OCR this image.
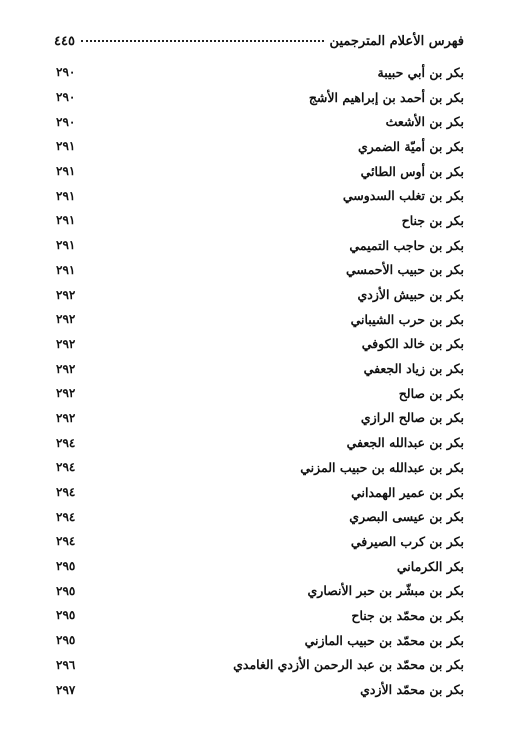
فهرس الأعلام المترجمين
٤٤٥
بكر بن أبي حبيبة
٢٩٠
بكر بن أحمد بن إبراهيم الأشج
٢٩٠
بكر بن الأشعث
٢٩٠
بكر بن أميّة الضمري
٢٩١
بكر بن أوس الطائي
٢٩١
بكر بن تغلب السدوسي
٢٩١
بكر بن جناح
٢٩١
بكر بن حاجب التميمي
٢٩١
بكر بن حبيب الأحمسي
٢٩١
بكر بن حبيش الأزدي
٢٩٢
بكر بن حرب الشيباني
٢٩٢
بكر بن خالد الكوفي
٢٩٢
بكر بن زياد الجعفي
٢٩٢
بكر بن صالح
٢٩٢
بكر بن صالح الرازي
٢٩٢
بكر بن عبدالله الجعفي
٢٩٤
بكر بن عبدالله بن حبيب المزني
٢٩٤
بكر بن عمير الهمداني
٢٩٤
بكر بن عيسى البصري
٢٩٤
بكر بن كرب الصيرفي
٢٩٤
بكر الكرماني
٢٩٥
بكر بن مبشّر بن حبر الأنصاري
٢٩٥
بكر بن محمّد بن جناح
٢٩٥
بكر بن محمّد بن حبيب المازني
٢٩٥
بكر بن محمّد بن عبد الرحمن الأزدي الغامدي
٢٩٦
بكر بن محمّد الأزدي
٢٩٧
